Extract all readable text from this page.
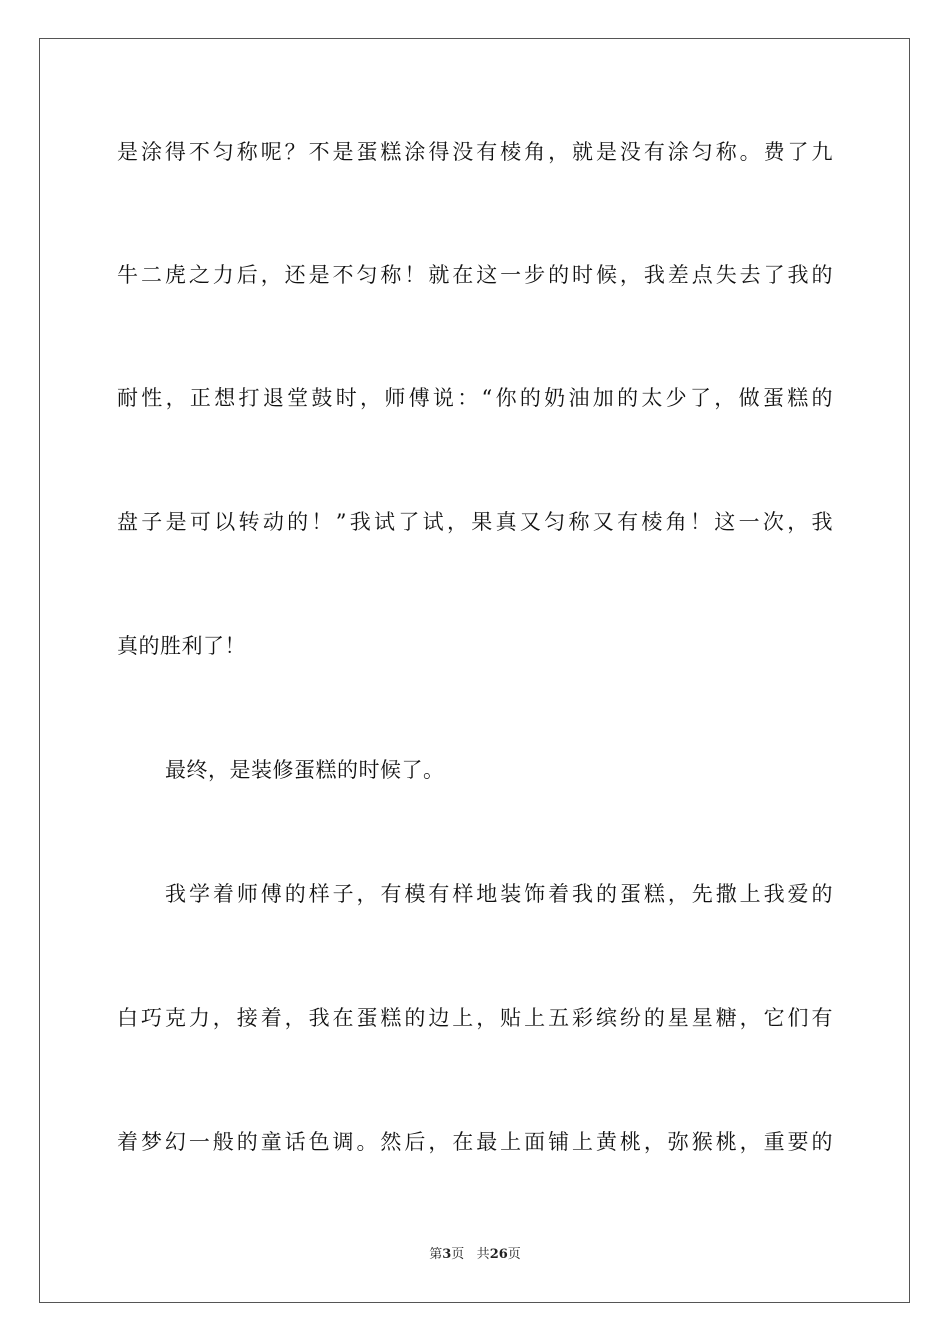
是涂得不匀称呢？不是蛋糕涂得没有棱角，就是没有涂匀称。费了九
牛二虎之力后，还是不匀称！就在这一步的时候，我差点失去了我的
耐性，正想打退堂鼓时，师傅说：“你的奶油加的太少了，做蛋糕的
盘子是可以转动的！”我试了试，果真又匀称又有棱角！这一次，我
真的胜利了！
最终，是装修蛋糕的时候了。
我学着师傅的样子，有模有样地装饰着我的蛋糕，先撒上我爱的
白巧克力，接着，我在蛋糕的边上，贴上五彩缤纷的星星糖，它们有
着梦幻一般的童话色调。然后，在最上面铺上黄桃，弥猴桃，重要的
第3页 共26页
